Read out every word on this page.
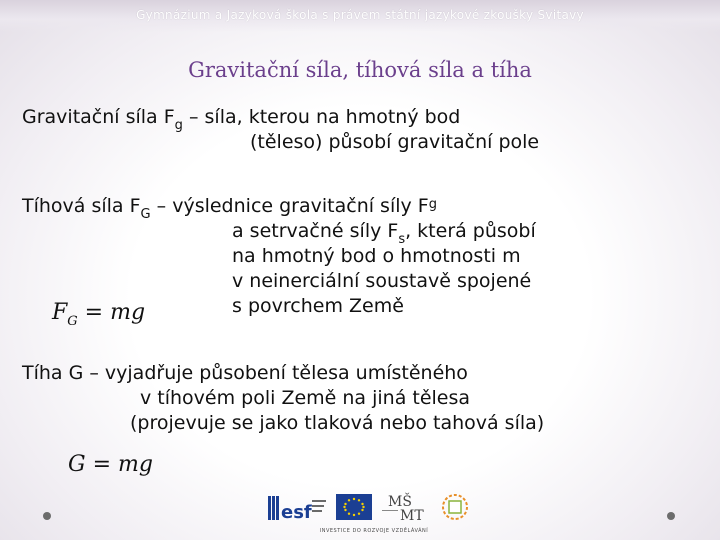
Gymnázium a Jazyková škola s právem státní jazykové zkoušky Svitavy
Gravitační síla, tíhová síla a tíha
Gravitační síla $F_g$ – síla, kterou na hmotný bod
(těleso) působí gravitační pole
Tíhová síla $F_G$ – výslednice gravitační síly $F^g$
a setrvačné síly $F_s$, která působí
na hmotný bod o hmotnosti m
v neinerciální soustavě spojené
s povrchem Země
$F_G$ = mg
Tíha G – vyjadřuje působení tělesa umístěného
v tíhovém poli Země na jiná tělesa
(projevuje se jako tlaková nebo tahová síla)
G = mg
esf	MŠ
MT
INVESTICE DO ROZVOJE VZDĚLÁVÁNÍ
